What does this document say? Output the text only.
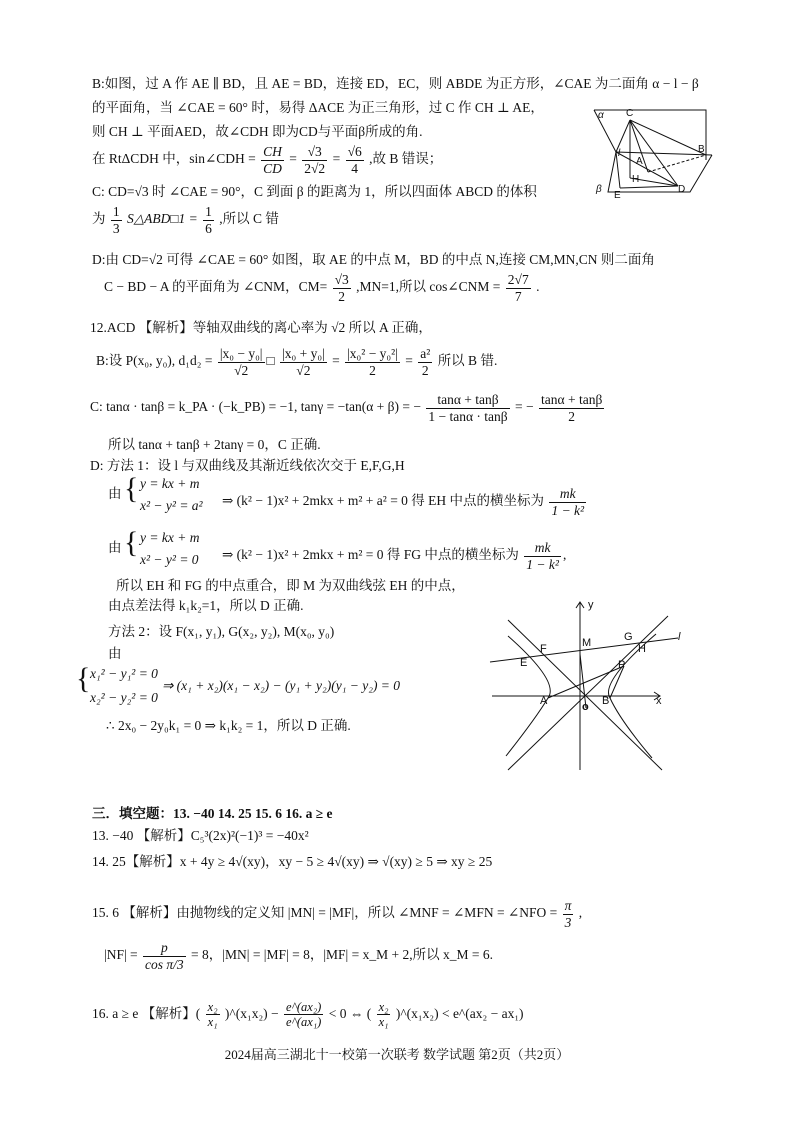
B:如图，过 A 作 AE ∥ BD，且 AE = BD，连接 ED，EC，则 ABDE 为正方形，∠CAE 为二面角 α − l − β
的平面角，当 ∠CAE = 60° 时，易得 ΔACE 为正三角形，过 C 作 CH ⊥ AE，
则 CH ⊥ 平面AED，故∠CDH 即为CD与平面β所成的角.
在 RtΔCDH 中，sin∠CDH = $\frac{CH}{CD} = \frac{√3}{2√2} = \frac{√6}{4}$ ,故 B 错误；
C: CD=√3 时 ∠CAE = 90°，C 到面 β 的距离为 1，所以四面体 ABCD 的体积
为 $\frac{1}{3}$ S△ABD□1 = $\frac{1}{6}$ ,所以 C 错
D:由 CD=√2 可得 ∠CAE = 60° 如图，取 AE 的中点 M，BD 的中点 N,连接 CM,MN,CN 则二面角
C − BD − A 的平面角为 ∠CNM，$CM= \frac{√3}{2} ,MN=1$,所以 cos∠CNM = $\frac{2√7}{7}$ .
α C
B
l
H
A
β
E
D
12.ACD 【解析】等轴双曲线的离心率为 √2 所以 A 正确，
B:设 P(x₀, y₀), $d_1d_2 = \frac{\text{|x₀ − y₀|}}{√2}$ □ $\frac{\text{|x₀ + y₀|}}{√2} = \frac{\text{|x₀² − y₀²|}}{2} = \frac{\text{a²}}{2}$ 所以 B 错.
C: tanα · tanβ = k_PA · (−k_PB) = −1, tanγ = −tan(α + β) = − $\frac{\tan\alpha + \tan\beta}{1 - \tan\alpha \cdot \tan\beta}$ = − $\frac{\tan\alpha + \tan\beta}{2}$
所以 tanα + tanβ + 2tanγ = 0，C 正确.
D: 方法 1：设 l 与双曲线及其渐近线依次交于 E,F,G,H
由 { y = kx + m
x² − y² = a² ⇒ (k² − 1)x² + 2mkx + m² + a² = 0 得 EH 中点的横坐标为 $\frac{mk}{\text{1 − k²}}$
由 { y = kx + m
x² − y² = 0 ⇒ (k² − 1)x² + 2mkx + m² = 0 得 FG 中点的横坐标为 $\frac{mk}{\text{1 − k²}}$ ,
所以 EH 和 FG 的中点重合，即 M 为双曲线弦 EH 的中点，
由点差法得 k₁k₂=1，所以 D 正确.
方法 2：设 F(x₁, y₁), G(x₂, y₂), M(x₀, y₀)
由
{ x₁² − y₁² = 0
x₂² − y₂² = 0
⇒ (x₁ + x₂)(x₁ − x₂) − (y₁ + y₂)(y₁ − y₂) = 0
∴ 2x₀ − 2y₀k₁ = 0 ⇒ k₁k₂ = 1，所以 D 正确.
y
x
l
M	G
H
F
E	P
A	o B
三．填空题：13. −40 14. 25 15. 6 16. a ≥ e
13. −40 【解析】C₅³(2x)²(−1)³ = −40x²
14. 25【解析】x + 4y ≥ 4√(xy)，xy − 5 ≥ 4√(xy) ⇒ √(xy) ≥ 5 ⇒ xy ≥ 25
15. 6 【解析】由抛物线的定义知 |MN| = |MF|，所以 ∠MNF = ∠MFN = ∠NFO = $\frac{\pi}{3}$ ,
$|NF| = \frac{p}{\text{cos π/3}} = 8$，|MN| = |MF| = 8，|MF| = x_M + 2,所以 x_M = 6.
16. a ≥ e 【解析】( $\frac{\text{x₂}}{\text{x₁}}$ )^(x₁x₂) − $\frac{\text{e\textasciicircum{}(ax₂)}}{\text{e\textasciicircum{}(ax₁)}} < 0$ ⇔ ( $\frac{\text{x₂}}{\text{x₁}}$ )^(x₁x₂) < e^(ax₂ − ax₁)
2024届高三湖北十一校第一次联考 数学试题 第2页（共2页）
